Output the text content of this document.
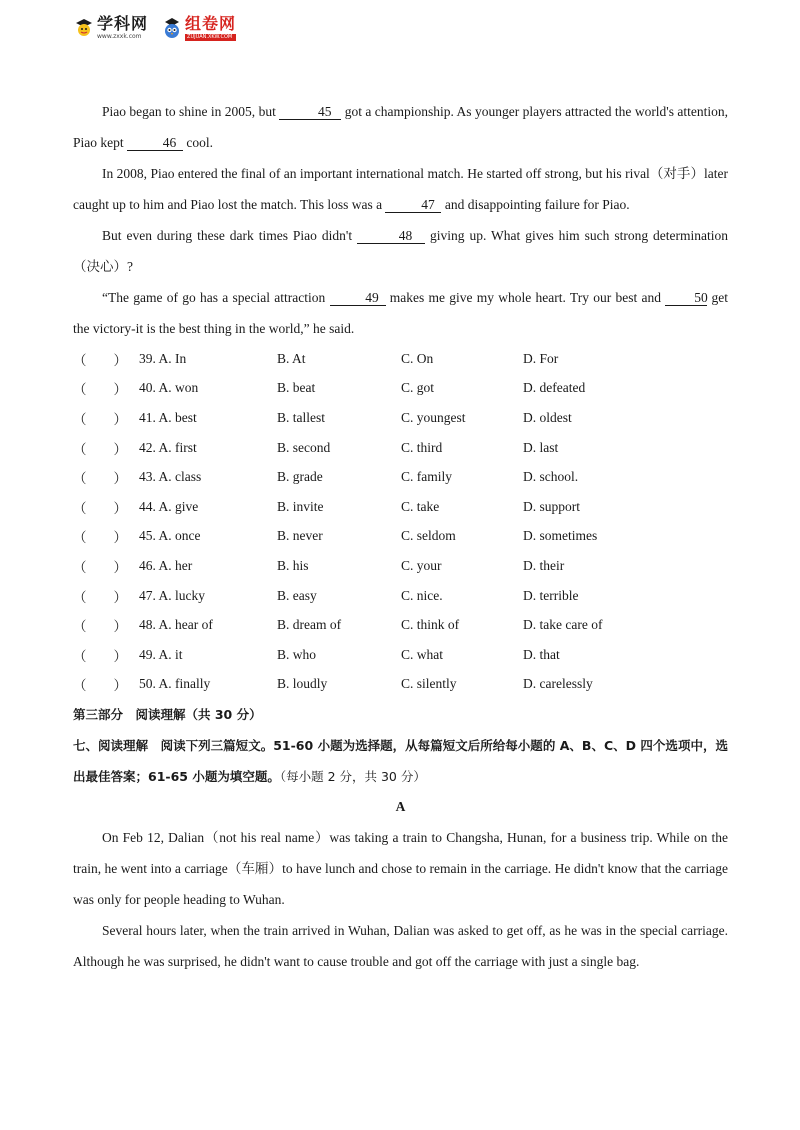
学科网
www.zxxk.com
组卷网
ZUJUAN.XKW.COM

Piao began to shine in 2005, but	45 got a championship. As younger players attracted the world's attention, Piao kept	46 cool.

In 2008, Piao entered the final of an important international match. He started off strong, but his rival（对手）later caught up to him and Piao lost the match. This loss was a	47 and disappointing failure for Piao.

But even during these dark times Piao didn't	48 giving up. What gives him such strong determination（决心）?

“The game of go has a special attraction	49 makes me give my whole heart. Try our best and 50 get the victory-it is the best thing in the world,” he said.

（　　） 39. A. In	B. At	C. On	D. For
（　　） 40. A. won	B. beat	C. got	D. defeated
（　　） 41. A. best	B. tallest	C. youngest	D. oldest
（　　） 42. A. first	B. second	C. third	D. last
（　　） 43. A. class	B. grade	C. family	D. school.
（　　） 44. A. give	B. invite	C. take	D. support
（　　） 45. A. once	B. never	C. seldom	D. sometimes
（　　） 46. A. her	B. his	C. your	D. their
（　　） 47. A. lucky	B. easy	C. nice.	D. terrible
（　　） 48. A. hear of	B. dream of	C. think of	D. take care of
（　　） 49. A. it	B. who	C. what	D. that
（　　） 50. A. finally	B. loudly	C. silently	D. carelessly

第三部分　阅读理解（共 30 分）

七、阅读理解　阅读下列三篇短文。51-60 小题为选择题，从每篇短文后所给每小题的 A、B、C、D 四个选项中，选出最佳答案；61-65 小题为填空题。（每小题 2 分，共 30 分）

A

On Feb 12, Dalian（not his real name）was taking a train to Changsha, Hunan, for a business trip. While on the train, he went into a carriage（车厢）to have lunch and chose to remain in the carriage. He didn't know that the carriage was only for people heading to Wuhan.

Several hours later, when the train arrived in Wuhan, Dalian was asked to get off, as he was in the special carriage. Although he was surprised, he didn't want to cause trouble and got off the carriage with just a single bag.
